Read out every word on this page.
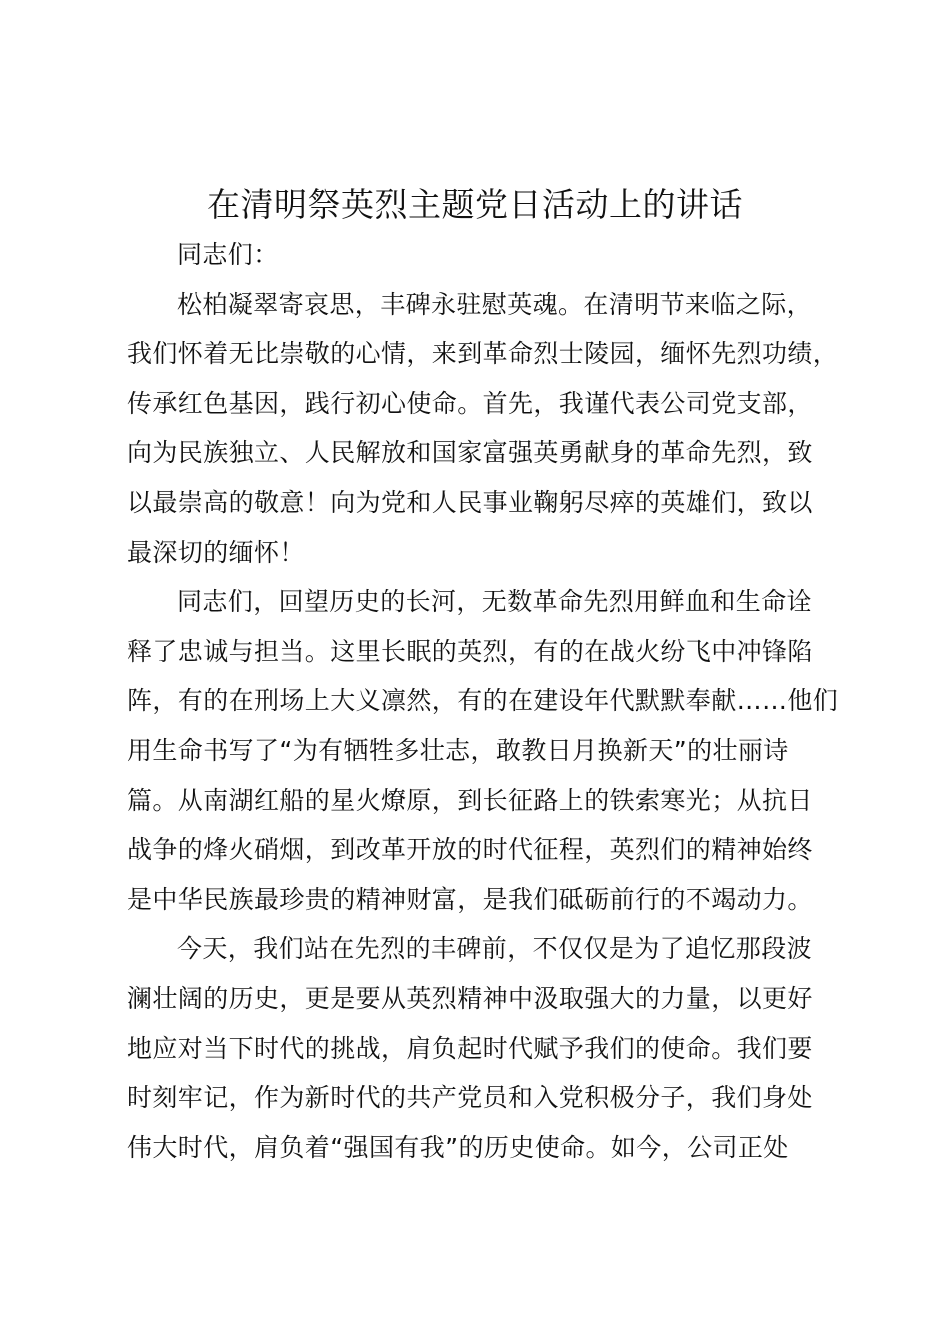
在清明祭英烈主题党日活动上的讲话
同志们：
松柏凝翠寄哀思，丰碑永驻慰英魂。在清明节来临之际，
我们怀着无比崇敬的心情，来到革命烈士陵园，缅怀先烈功绩，
传承红色基因，践行初心使命。首先，我谨代表公司党支部，
向为民族独立、人民解放和国家富强英勇献身的革命先烈，致
以最崇高的敬意！向为党和人民事业鞠躬尽瘁的英雄们，致以
最深切的缅怀！
同志们，回望历史的长河，无数革命先烈用鲜血和生命诠
释了忠诚与担当。这里长眠的英烈，有的在战火纷飞中冲锋陷
阵，有的在刑场上大义凛然，有的在建设年代默默奉献……他们
用生命书写了“为有牺牲多壮志，敢教日月换新天”的壮丽诗
篇。从南湖红船的星火燎原，到长征路上的铁索寒光；从抗日
战争的烽火硝烟，到改革开放的时代征程，英烈们的精神始终
是中华民族最珍贵的精神财富，是我们砥砺前行的不竭动力。
今天，我们站在先烈的丰碑前，不仅仅是为了追忆那段波
澜壮阔的历史，更是要从英烈精神中汲取强大的力量，以更好
地应对当下时代的挑战，肩负起时代赋予我们的使命。我们要
时刻牢记，作为新时代的共产党员和入党积极分子，我们身处
伟大时代，肩负着“强国有我”的历史使命。如今，公司正处
